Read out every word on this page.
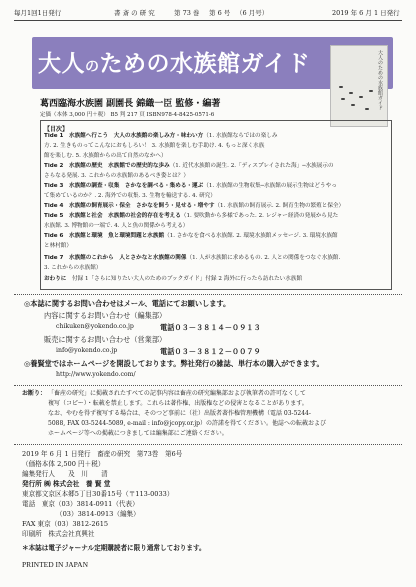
毎月1回1日発行	書 斎 の 研 究	第 73 巻 第 6 号 （6 月号）	2019 年 6 月 1 日発行
大人のための水族館ガイド	大人のための水族館ガイド
葛西臨海水族園 副園長 錦織一臣 監修・編著
定価（本体 3,000 円＋税） B5 判 217 頁 ISBN978-4-8425-0571-6
【目次】
Tide 1　 水族館へ行こう　大人の水族館の楽しみ方・味わい方（1. 水族館ならではの楽しみ
方. 2. 生きものってこんなにおもしろい！ 3. 水族館を楽しむ手助け. 4. もっと深く水族
館を楽しむ. 5. 水族館からの出て自然のなかへ）
Tide 2　 水族館の歴史　水族館での歴史的な歩み（1. 近代水族館の誕生. 2.「ディスプレイされた海」─水族展示の
さらなる発展. 3. これからの水族館のあるべき姿とは？）
Tide 3　 水族館の調査・収集　さかなを調べる・集める・運ぶ（1. 水族館の生物収集─水族館の展示生物はどうやっ
て集めているのか？. 2. 海外での収集. 3. 生物を輸送する. 4. 研究）
Tide 4　 水族館の飼育展示・保全　さかなを飼う・見せる・増やす（1. 水族館の飼育展示. 2. 飼育生物の繁殖と保全）
Tide 5　 水族館と社会　水族館の社会的存在を考える（1. 要吹動から多様であった. 2. レジャー経済の発展から見た
水族館. 3. 博物館の一端で. 4. 人と魚の関係から考える）
Tide 6　 水族館と環境　魚と環境問題と水族館（1. さかなを食べる水族館. 2. 環境水族館メッセージ. 3. 環境水族館
と林村館）
Tide 7　 水族館のこれから　人とさかなと水族館の関係（1. 人が水族館に求めるもの. 2. 人との関係をつなぐ水族館.
3. これからの水族館）
おわりに　 付録 1「さらに知りたい大人のためのブックガイド」付録 2 海外に行ったら訪れたい水族館
◎本誌に関するお問い合わせはメール、電話にてお願いします。
内容に関するお問い合わせ（編集部）
chikuken@yokendo.co.jp	電話０３－３８１４－０９１３
販売に関するお問い合わせ（営業部）
info@yokendo.co.jp	電話０３－３８１２－００７９
◎養賢堂ではホームページを開設しております。弊社発行の雑誌、単行本の購入ができます。
http://www.yokendo.com/
お断り： 「畜産の研究」に掲載されたすべての記事内容は畜産の研究編集部および執筆者の許可なくして
複写（コピー）・転載を禁止します。これらは著作権、出版権などの侵害となることがあります。
なお、やむを得ず複写する場合は、そのつど事前に（社）出版者著作権管理機構（電話 03-5244-
5088, FAX 03-5244-5089, e-mail : info@jcopy.or.jp）の許諾を得てください。他誌への転載および
ホームページ等への掲載につきましては編集部にご連絡ください。
2019 年 6 月 1 日発行　畜産の研究　第73巻　第6号
（価格本体 2,500 円＋税）
編集発行人　　及　川　　清
発行所 ㈱ 株式会社　養 賢 堂
東京都文京区本郷5丁目30番15号（〒113-0033）
電話　東京（03）3814-0911（代表）
（03）3814-0913（編集）
FAX 東京（03）3812-2615
印刷所　株式会社真興社
＊本誌は電子ジャーナル定期購読者に限り通常しております。
PRINTED IN JAPAN
